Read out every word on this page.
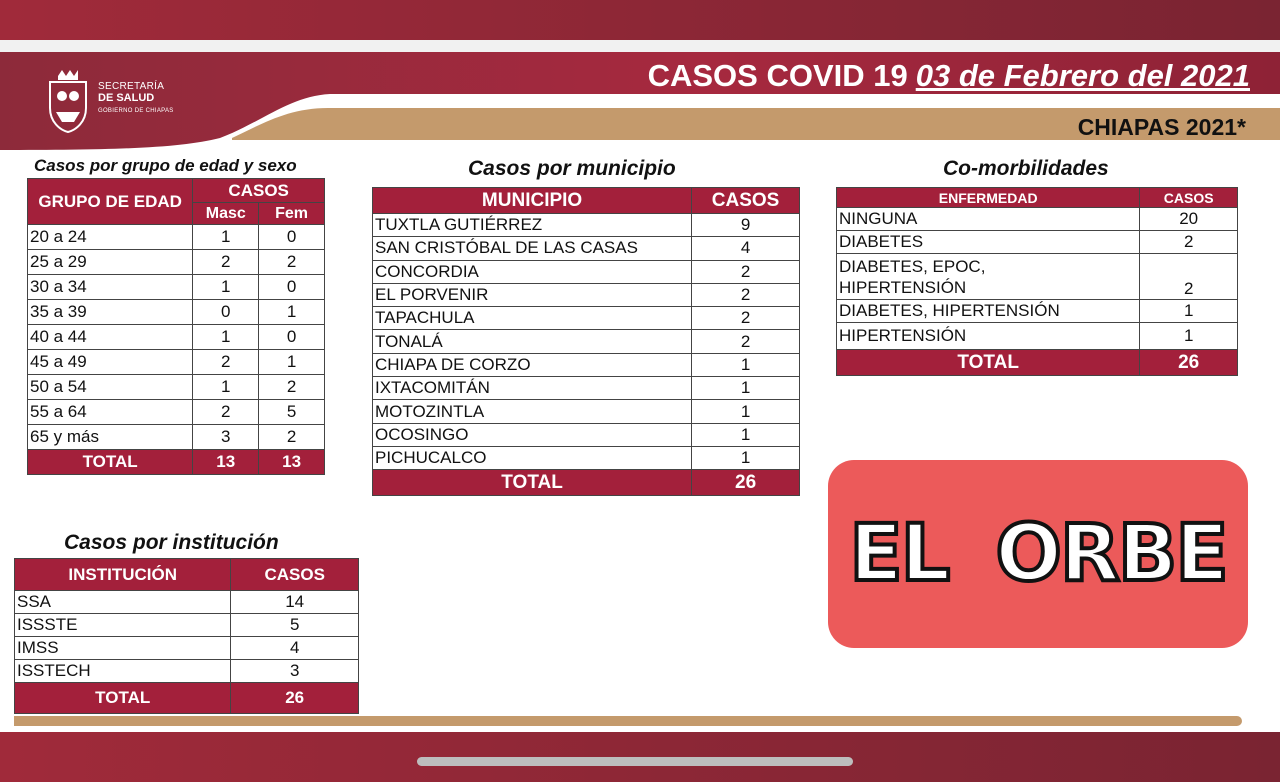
SECRETARÍA
DE SALUD
GOBIERNO DE CHIAPAS
CASOS COVID 19 03 de Febrero del 2021
CHIAPAS 2021*
Casos por grupo de edad y sexo
GRUPO DE EDAD	CASOS	
	Masc	Fem
20 a 24	1	0
25 a 29	2	2
30 a 34	1	0
35 a 39	0	1
40 a 44	1	0
45 a 49	2	1
50 a 54	1	2
55 a 64	2	5
65 y más	3	2
TOTAL	13	13
Casos por municipio
MUNICIPIO	CASOS
TUXTLA GUTIÉRREZ	9
SAN CRISTÓBAL DE LAS CASAS	4
CONCORDIA	2
EL PORVENIR	2
TAPACHULA	2
TONALÁ	2
CHIAPA DE CORZO	1
IXTACOMITÁN	1
MOTOZINTLA	1
OCOSINGO	1
PICHUCALCO	1
TOTAL	26
Co-morbilidades
ENFERMEDAD	CASOS
NINGUNA	20
DIABETES	2

DIABETES, EPOC, HIPERTENSIÓN	2
DIABETES, HIPERTENSIÓN	1
HIPERTENSIÓN	1
TOTAL	26
Casos por institución
INSTITUCIÓN	CASOS
SSA	14
ISSSTE	5
IMSS	4
ISSTECH	3
TOTAL	26
EL ORBE
